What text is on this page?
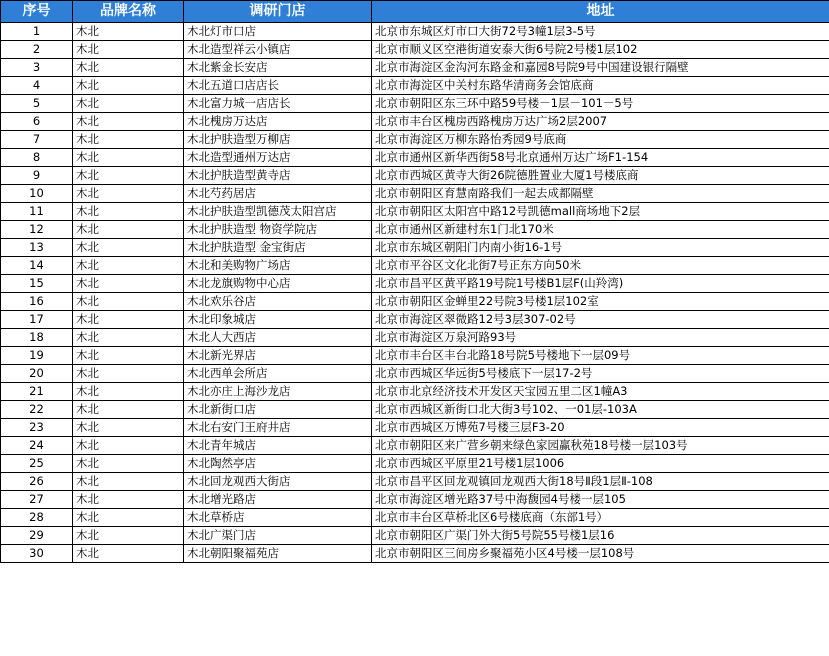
序号	品牌名称	调研门店	地址
1	木北	木北灯市口店	北京市东城区灯市口大街72号3幢1层3-5号
2	木北	木北造型祥云小镇店	北京市顺义区空港街道安泰大街6号院2号楼1层102
3	木北	木北紫金长安店	北京市海淀区金沟河东路金和嘉园8号院9号中国建设银行隔壁
4	木北	木北五道口店店长	北京市海淀区中关村东路华清商务会馆底商
5	木北	木北富力城一店店长	北京市朝阳区东三环中路59号楼－1层－101－5号
6	木北	木北槐房万达店	北京市丰台区槐房西路槐房万达广场2层2007
7	木北	木北护肤造型万柳店	北京市海淀区万柳东路怡秀园9号底商
8	木北	木北造型通州万达店	北京市通州区新华西街58号北京通州万达广场F1-154
9	木北	木北护肤造型黄寺店	北京市西城区黄寺大街26院德胜置业大厦1号楼底商
10	木北	木北芍药居店	北京市朝阳区育慧南路我们一起去成都隔壁
11	木北	木北护肤造型凯德茂太阳宫店	北京市朝阳区太阳宫中路12号凯德mall商场地下2层
12	木北	木北护肤造型 物资学院店	北京市通州区新建村东1门北170米
13	木北	木北护肤造型 金宝街店	北京市东城区朝阳门内南小街16-1号
14	木北	木北和美购物广场店	北京市平谷区文化北街7号正东方向50米
15	木北	木北龙旗购物中心店	北京市昌平区黄平路19号院1号楼B1层F(山羚湾)
16	木北	木北欢乐谷店	北京市朝阳区金蝉里22号院3号楼1层102室
17	木北	木北印象城店	北京市海淀区翠微路12号3层307-02号
18	木北	木北人大西店	北京市海淀区万泉河路93号
19	木北	木北新光界店	北京市丰台区丰台北路18号院5号楼地下一层09号
20	木北	木北西单会所店	北京市西城区华远街5号楼底下一层17-2号
21	木北	木北亦庄上海沙龙店	北京市北京经济技术开发区天宝园五里二区1幢A3
22	木北	木北新街口店	北京市西城区新街口北大街3号102、一01层-103A
23	木北	木北右安门王府井店	北京市西城区万博苑7号楼三层F3-20
24	木北	木北青年城店	北京市朝阳区来广营乡朝来绿色家园赢秋苑18号楼一层103号
25	木北	木北陶然亭店	北京市西城区平原里21号楼1层1006
26	木北	木北回龙观西大街店	北京市昌平区回龙观镇回龙观西大街18号Ⅱ段1层Ⅱ-108
27	木北	木北增光路店	北京市海淀区增光路37号中海馥园4号楼一层105
28	木北	木北草桥店	北京市丰台区草桥北区6号楼底商（东部1号）
29	木北	木北广渠门店	北京市朝阳区广渠门外大街5号院55号楼1层16
30	木北	木北朝阳聚福苑店	北京市朝阳区三间房乡聚福苑小区4号楼一层108号
